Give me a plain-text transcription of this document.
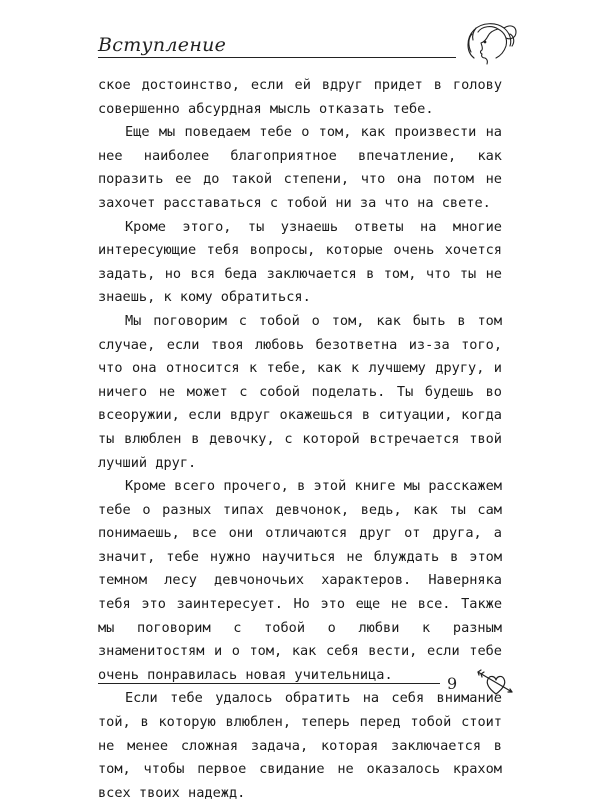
Вступление

ское достоинство, если ей вдруг придет в голову совершенно абсурдная мысль отказать тебе.

Еще мы поведаем тебе о том, как произвести на нее наиболее благоприятное впечатление, как поразить ее до такой степени, что она потом не захочет расставаться с тобой ни за что на свете.

Кроме этого, ты узнаешь ответы на многие интересующие тебя вопросы, которые очень хочется задать, но вся беда заключается в том, что ты не знаешь, к кому обратиться.

Мы поговорим с тобой о том, как быть в том случае, если твоя любовь безответна из-за того, что она относится к тебе, как к лучшему другу, и ничего не может с собой поделать. Ты будешь во всеоружии, если вдруг окажешься в ситуации, когда ты влюблен в девочку, с которой встречается твой лучший друг.

Кроме всего прочего, в этой книге мы расскажем тебе о разных типах девчонок, ведь, как ты сам понимаешь, все они отличаются друг от друга, а значит, тебе нужно научиться не блуждать в этом темном лесу девчоночьих характеров. Наверняка тебя это заинтересует. Но это еще не все. Также мы поговорим с тобой о любви к разным знаменитостям и о том, как себя вести, если тебе очень понравилась новая учительница.

Если тебе удалось обратить на себя внимание той, в которую влюблен, теперь перед тобой стоит не менее сложная задача, которая заключается в том, чтобы первое свидание не оказалось крахом всех твоих надежд.

9
